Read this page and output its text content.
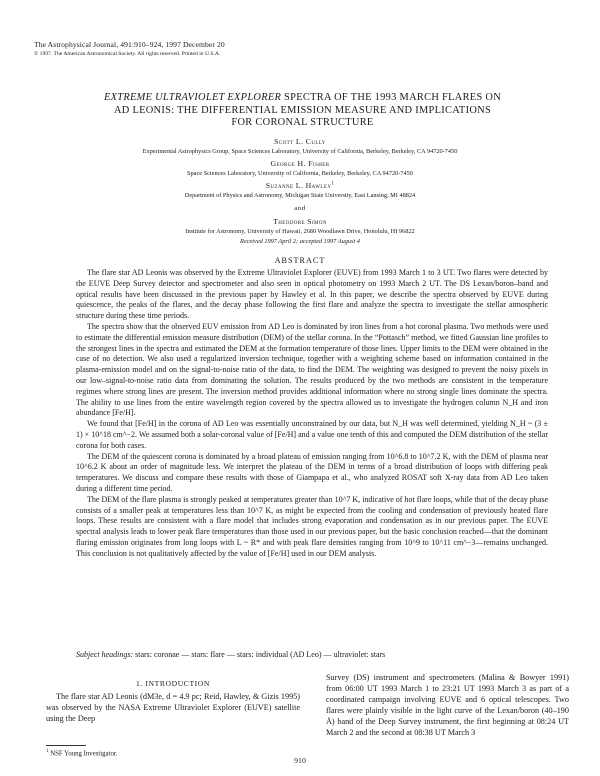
The Astrophysical Journal, 491:910–924, 1997 December 20
© 1997. The American Astronomical Society. All rights reserved. Printed in U.S.A.
EXTREME ULTRAVIOLET EXPLORER SPECTRA OF THE 1993 MARCH FLARES ON
AD LEONIS: THE DIFFERENTIAL EMISSION MEASURE AND IMPLICATIONS
FOR CORONAL STRUCTURE
Scott L. Cully
Experimental Astrophysics Group, Space Sciences Laboratory, University of California, Berkeley, Berkeley, CA 94720-7450
George H. Fisher
Space Sciences Laboratory, University of California, Berkeley, Berkeley, CA 94720-7450
Suzanne L. Hawley$^1$
Department of Physics and Astronomy, Michigan State University, East Lansing, MI 48824
and
Theodore Simon
Institute for Astronomy, University of Hawaii, 2680 Woodlawn Drive, Honolulu, HI 96822
Received 1997 April 2; accepted 1997 August 4
ABSTRACT

The flare star AD Leonis was observed by the Extreme Ultraviolet Explorer (EUVE) from 1993 March 1 to 3 UT. Two flares were detected by the EUVE Deep Survey detector and spectrometer and also seen in optical photometry on 1993 March 2 UT. The DS Lexan/boron–band and optical results have been discussed in the previous paper by Hawley et al. In this paper, we describe the spectra observed by EUVE during quiescence, the peaks of the flares, and the decay phase following the first flare and analyze the spectra to investigate the stellar atmospheric structure during these time periods.

The spectra show that the observed EUV emission from AD Leo is dominated by iron lines from a hot coronal plasma. Two methods were used to estimate the differential emission measure distribution (DEM) of the stellar corona. In the “Pottasch” method, we fitted Gaussian line profiles to the strongest lines in the spectra and estimated the DEM at the formation temperature of those lines. Upper limits to the DEM were obtained in the case of no detection. We also used a regularized inversion technique, together with a weighting scheme based on information contained in the plasma-emission model and on the signal-to-noise ratio of the data, to find the DEM. The weighting was designed to prevent the noisy pixels in our low–signal-to-noise ratio data from dominating the solution. The results produced by the two methods are consistent in the temperature regimes where strong lines are present. The inversion method provides additional information where no strong single lines dominate the spectra. The ability to use lines from the entire wavelength region covered by the spectra allowed us to investigate the hydrogen column N_H and iron abundance [Fe/H].

We found that [Fe/H] in the corona of AD Leo was essentially unconstrained by our data, but N_H was well determined, yielding N_H ~ (3 ± 1) × 10^18 cm^−2. We assumed both a solar-coronal value of [Fe/H] and a value one tenth of this and computed the DEM distribution of the stellar corona for both cases.

The DEM of the quiescent corona is dominated by a broad plateau of emission ranging from 10^6.8 to 10^7.2 K, with the DEM of plasma near 10^6.2 K about an order of magnitude less. We interpret the plateau of the DEM in terms of a broad distribution of loops with differing peak temperatures. We discuss and compare these results with those of Giampapa et al., who analyzed ROSAT soft X-ray data from AD Leo taken during a different time period.

The DEM of the flare plasma is strongly peaked at temperatures greater than 10^7 K, indicative of hot flare loops, while that of the decay phase consists of a smaller peak at temperatures less than 10^7 K, as might be expected from the cooling and condensation of previously heated flare loops. These results are consistent with a flare model that includes strong evaporation and condensation as in our previous paper. The EUVE spectral analysis leads to lower peak flare temperatures than those used in our previous paper, but the basic conclusion reached—that the dominant flaring emission originates from long loops with L ~ R* and with peak flare densities ranging from 10^9 to 10^11 cm^−3—remains unchanged. This conclusion is not qualitatively affected by the value of [Fe/H] used in our DEM analysis.

Subject headings: stars: coronae — stars: flare — stars: individual (AD Leo) — ultraviolet: stars
1. INTRODUCTION

The flare star AD Leonis (dM3e, d = 4.9 pc; Reid, Hawley, & Gizis 1995) was observed by the NASA Extreme Ultraviolet Explorer (EUVE) satellite using the Deep

Survey (DS) instrument and spectrometers (Malina & Bowyer 1991) from 06:00 UT 1993 March 1 to 23:21 UT 1993 March 3 as part of a coordinated campaign involving EUVE and 6 optical telescopes. Two flares were plainly visible in the light curve of the Lexan/boron (40–190 Å) band of the Deep Survey instrument, the first beginning at 08:24 UT March 2 and the second at 08:38 UT March 3

$^1$ NSF Young Investigator.
910
